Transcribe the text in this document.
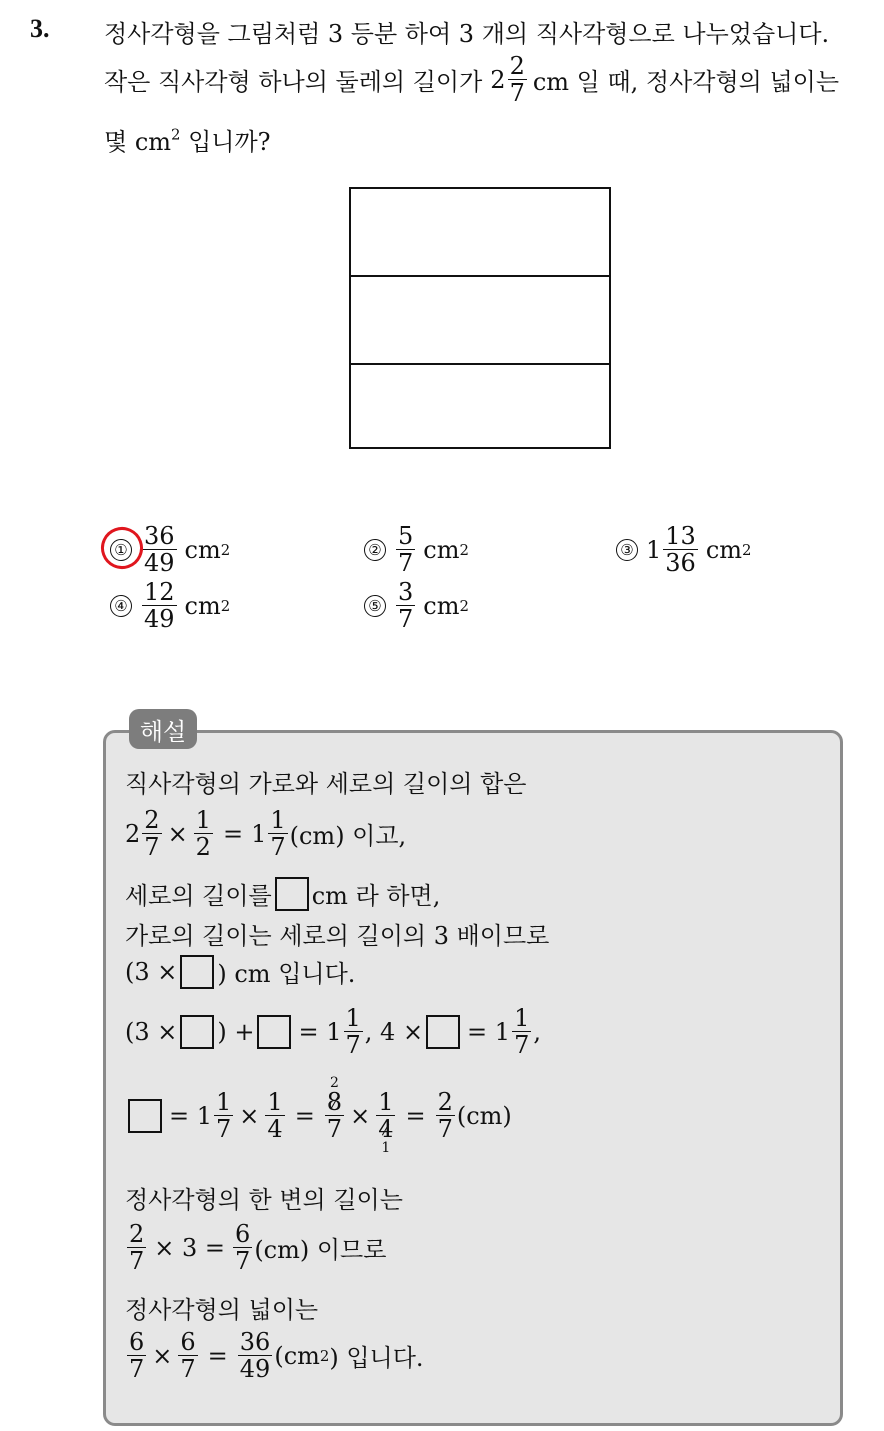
3. 정사각형을 그림처럼 3 등분 하여 3 개의 직사각형으로 나누었습니다.
작은 직사각형 하나의 둘레의 길이가 $2 \frac{2}{7}$ cm 일 때, 정사각형의 넓이는
몇 $cm^2$ 입니까?
① $\frac{36}{49}$ cm 2	② $\frac{5}{7}$ cm 2	③ $1 \frac{13}{36}$ cm 2
④ $\frac{12}{49}$ cm 2	⑤ $\frac{3}{7}$ cm 2
해설
직사각형의 가로와 세로의 길이의 합은
$2 \frac{2}{7} \times \frac{1}{2} = 1 \frac{1}{7} (cm)$ 이고,
세로의 길이를 cm 라 하면,
가로의 길이는 세로의 길이의 3 배이므로
(3 × ) cm 입니다.
(3 × ) + = $1 \frac{1}{7}$ , 4 × = $1 \frac{1}{7}$ ,
= $1 \frac{1}{7} \times \frac{1}{4}$ =
2
$\frac{8}{7} \times \frac{1}{4}$
1
= $\frac{2}{7} (cm)$
정사각형의 한 변의 길이는
$\frac{2}{7} \times 3 = \frac{6}{7} (cm)$ 이므로
정사각형의 넓이는
$\frac{6}{7} \times \frac{6}{7} = \frac{36}{49} (cm$ 2 ) 입니다.
